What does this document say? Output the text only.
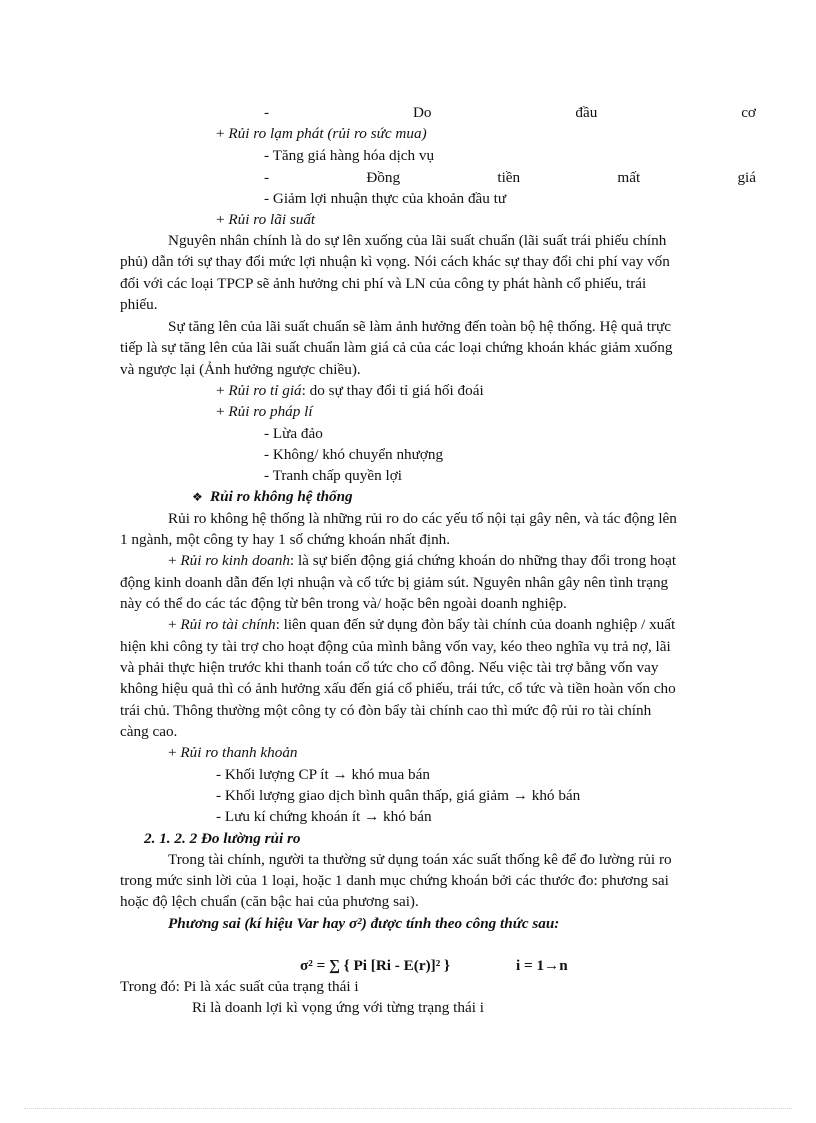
-	Do	đầu	cơ
+ Rủi ro lạm phát (rủi ro sức mua)
- Tăng giá hàng hóa dịch vụ
-	Đồng	tiền	mất	giá
- Giảm lợi nhuận thực của khoản đầu tư
+ Rủi ro lãi suất
Nguyên nhân chính là do sự lên xuống của lãi suất chuẩn (lãi suất trái phiếu chính
phủ) dẫn tới sự thay đổi mức lợi nhuận kì vọng. Nói cách khác sự thay đổi chi phí vay vốn
đối với các loại TPCP sẽ ảnh hưởng chi phí và LN của công ty phát hành cổ phiếu, trái
phiếu.
Sự tăng lên của lãi suất chuẩn sẽ làm ảnh hưởng đến toàn bộ hệ thống. Hệ quả trực
tiếp là sự tăng lên của lãi suất chuẩn làm giá cả của các loại chứng khoán khác giảm xuống
và ngược lại (Ảnh hưởng ngược chiều).
+ Rủi ro tỉ giá: do sự thay đổi tỉ giá hối đoái
+ Rủi ro pháp lí
- Lừa đảo
- Không/ khó chuyển nhượng
- Tranh chấp quyền lợi
❖ Rủi ro không hệ thống
Rủi ro không hệ thống là những rủi ro do các yếu tố nội tại gây nên, và tác động lên
1 ngành, một công ty hay 1 số chứng khoán nhất định.
+ Rủi ro kinh doanh: là sự biến động giá chứng khoán do những thay đổi trong hoạt
động kinh doanh dẫn đến lợi nhuận và cổ tức bị giảm sút. Nguyên nhân gây nên tình trạng
này có thể do các tác động từ bên trong và/ hoặc bên ngoài doanh nghiệp.
+ Rủi ro tài chính: liên quan đến sử dụng đòn bẩy tài chính của doanh nghiệp / xuất
hiện khi công ty tài trợ cho hoạt động của mình bằng vốn vay, kéo theo nghĩa vụ trả nợ, lãi
và phải thực hiện trước khi thanh toán cổ tức cho cổ đông. Nếu việc tài trợ bằng vốn vay
không hiệu quả thì có ảnh hưởng xấu đến giá cổ phiếu, trái tức, cổ tức và tiền hoàn vốn cho
trái chủ. Thông thường một công ty có đòn bẩy tài chính cao thì mức độ rủi ro tài chính
càng cao.
+ Rủi ro thanh khoản
- Khối lượng CP ít → khó mua bán
- Khối lượng giao dịch bình quân thấp, giá giảm → khó bán
- Lưu kí chứng khoán ít → khó bán
2. 1. 2. 2 Đo lường rủi ro
Trong tài chính, người ta thường sử dụng toán xác suất thống kê để đo lường rủi ro
trong mức sinh lời của 1 loại, hoặc 1 danh mục chứng khoán bởi các thước đo: phương sai
hoặc độ lệch chuẩn (căn bậc hai của phương sai).
Phương sai (kí hiệu Var hay σ²) được tính theo công thức sau:
σ² = ∑ { Pi [Ri - E(r)]² }	i = 1→n
Trong đó: Pi là xác suất của trạng thái i
Ri là doanh lợi kì vọng ứng với từng trạng thái i
